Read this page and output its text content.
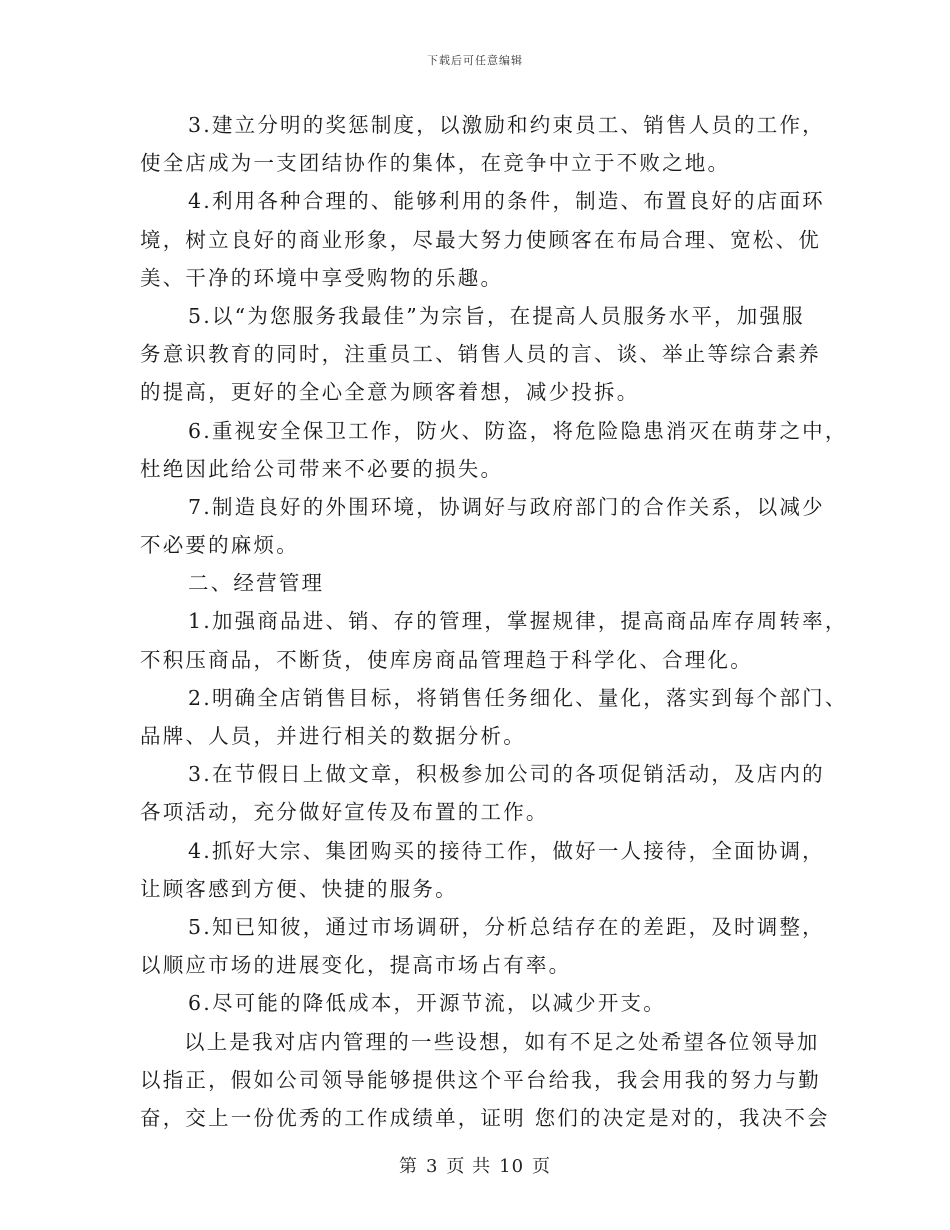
下载后可任意编辑
3.建立分明的奖惩制度，以激励和约束员工、销售人员的工作，
使全店成为一支团结协作的集体，在竞争中立于不败之地。
4.利用各种合理的、能够利用的条件，制造、布置良好的店面环
境，树立良好的商业形象，尽最大努力使顾客在布局合理、宽松、优
美、干净的环境中享受购物的乐趣。
5.以“为您服务我最佳”为宗旨，在提高人员服务水平，加强服
务意识教育的同时，注重员工、销售人员的言、谈、举止等综合素养
的提高，更好的全心全意为顾客着想，减少投拆。
6.重视安全保卫工作，防火、防盗，将危险隐患消灭在萌芽之中，
杜绝因此给公司带来不必要的损失。
7.制造良好的外围环境，协调好与政府部门的合作关系，以减少
不必要的麻烦。
二、经营管理
1.加强商品进、销、存的管理，掌握规律，提高商品库存周转率，
不积压商品，不断货，使库房商品管理趋于科学化、合理化。
2.明确全店销售目标，将销售任务细化、量化，落实到每个部门、
品牌、人员，并进行相关的数据分析。
3.在节假日上做文章，积极参加公司的各项促销活动，及店内的
各项活动，充分做好宣传及布置的工作。
4.抓好大宗、集团购买的接待工作，做好一人接待，全面协调，
让顾客感到方便、快捷的服务。
5.知已知彼，通过市场调研，分析总结存在的差距，及时调整，
以顺应市场的进展变化，提高市场占有率。
6.尽可能的降低成本，开源节流，以减少开支。
以上是我对店内管理的一些设想，如有不足之处希望各位领导加
以指正，假如公司领导能够提供这个平台给我，我会用我的努力与勤
奋，交上一份优秀的工作成绩单，证明 您们的决定是对的，我决不会
第 3 页 共 10 页
